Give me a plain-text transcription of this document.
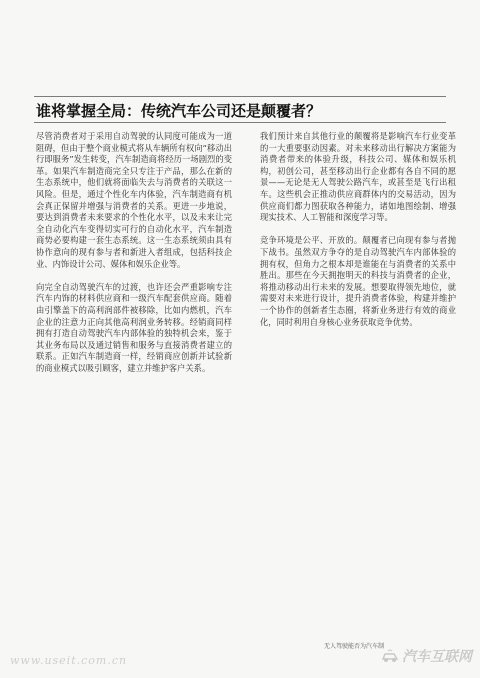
谁将掌握全局：传统汽车公司还是颠覆者？

尽管消费者对于采用自动驾驶的认同度可能成为一道阻碍，但由于整个商业模式将从车辆所有权向“移动出行即服务”发生转变，汽车制造商将经历一场剧烈的变革。如果汽车制造商完全只专注于产品，那么在新的生态系统中，他们就将面临失去与消费者的关联这一风险。但是，通过个性化车内体验，汽车制造商有机会真正保留并增强与消费者的关系。更进一步地说，要达到消费者未来要求的个性化水平，以及未来让完全自动化汽车变得切实可行的自动化水平，汽车制造商势必要构建一套生态系统。这一生态系统须由具有协作意向的现有参与者和新进入者组成，包括科技企业、内饰设计公司、媒体和娱乐企业等。

向完全自动驾驶汽车的过渡，也许还会严重影响专注汽车内饰的材料供应商和一级汽车配套供应商。随着由引擎盖下的高利润部件被移除，比如内燃机，汽车企业的注意力正向其他高利润业务转移。经销商同样拥有打造自动驾驶汽车内部体验的独特机会来，鉴于其业务布局以及通过销售和服务与直接消费者建立的联系。正如汽车制造商一样，经销商应创新并试验新的商业模式以吸引顾客，建立并维护客户关系。

我们预计来自其他行业的颠覆将是影响汽车行业变革的一大重要驱动因素。对未来移动出行解决方案能为消费者带来的体验升级，科技公司、媒体和娱乐机构，初创公司，甚至移动出行企业都有各自不同的愿景——无论是无人驾驶公路汽车，或甚至是飞行出租车。这些机会正推动供应商群体内的交易活动，因为供应商们都力图获取各种能力，诸如地图绘制、增强现实技术、人工智能和深度学习等。

竞争环境是公平、开放的。颠覆者已向现有参与者抛下战书。虽然双方争夺的是自动驾驶汽车内部体验的拥有权，但角力之根本却是谁能在与消费者的关系中胜出。那些在今天拥抱明天的科技与消费者的企业，将推动移动出行未来的发展。想要取得领先地位，就需要对未来进行设计，提升消费者体验，构建并维护一个协作的创新者生态圈，将新业务进行有效的商业化，同时利用自身核心业务获取竞争优势。

无人驾驶能否为汽车制
www.useit.com.cn	汽车互联网
